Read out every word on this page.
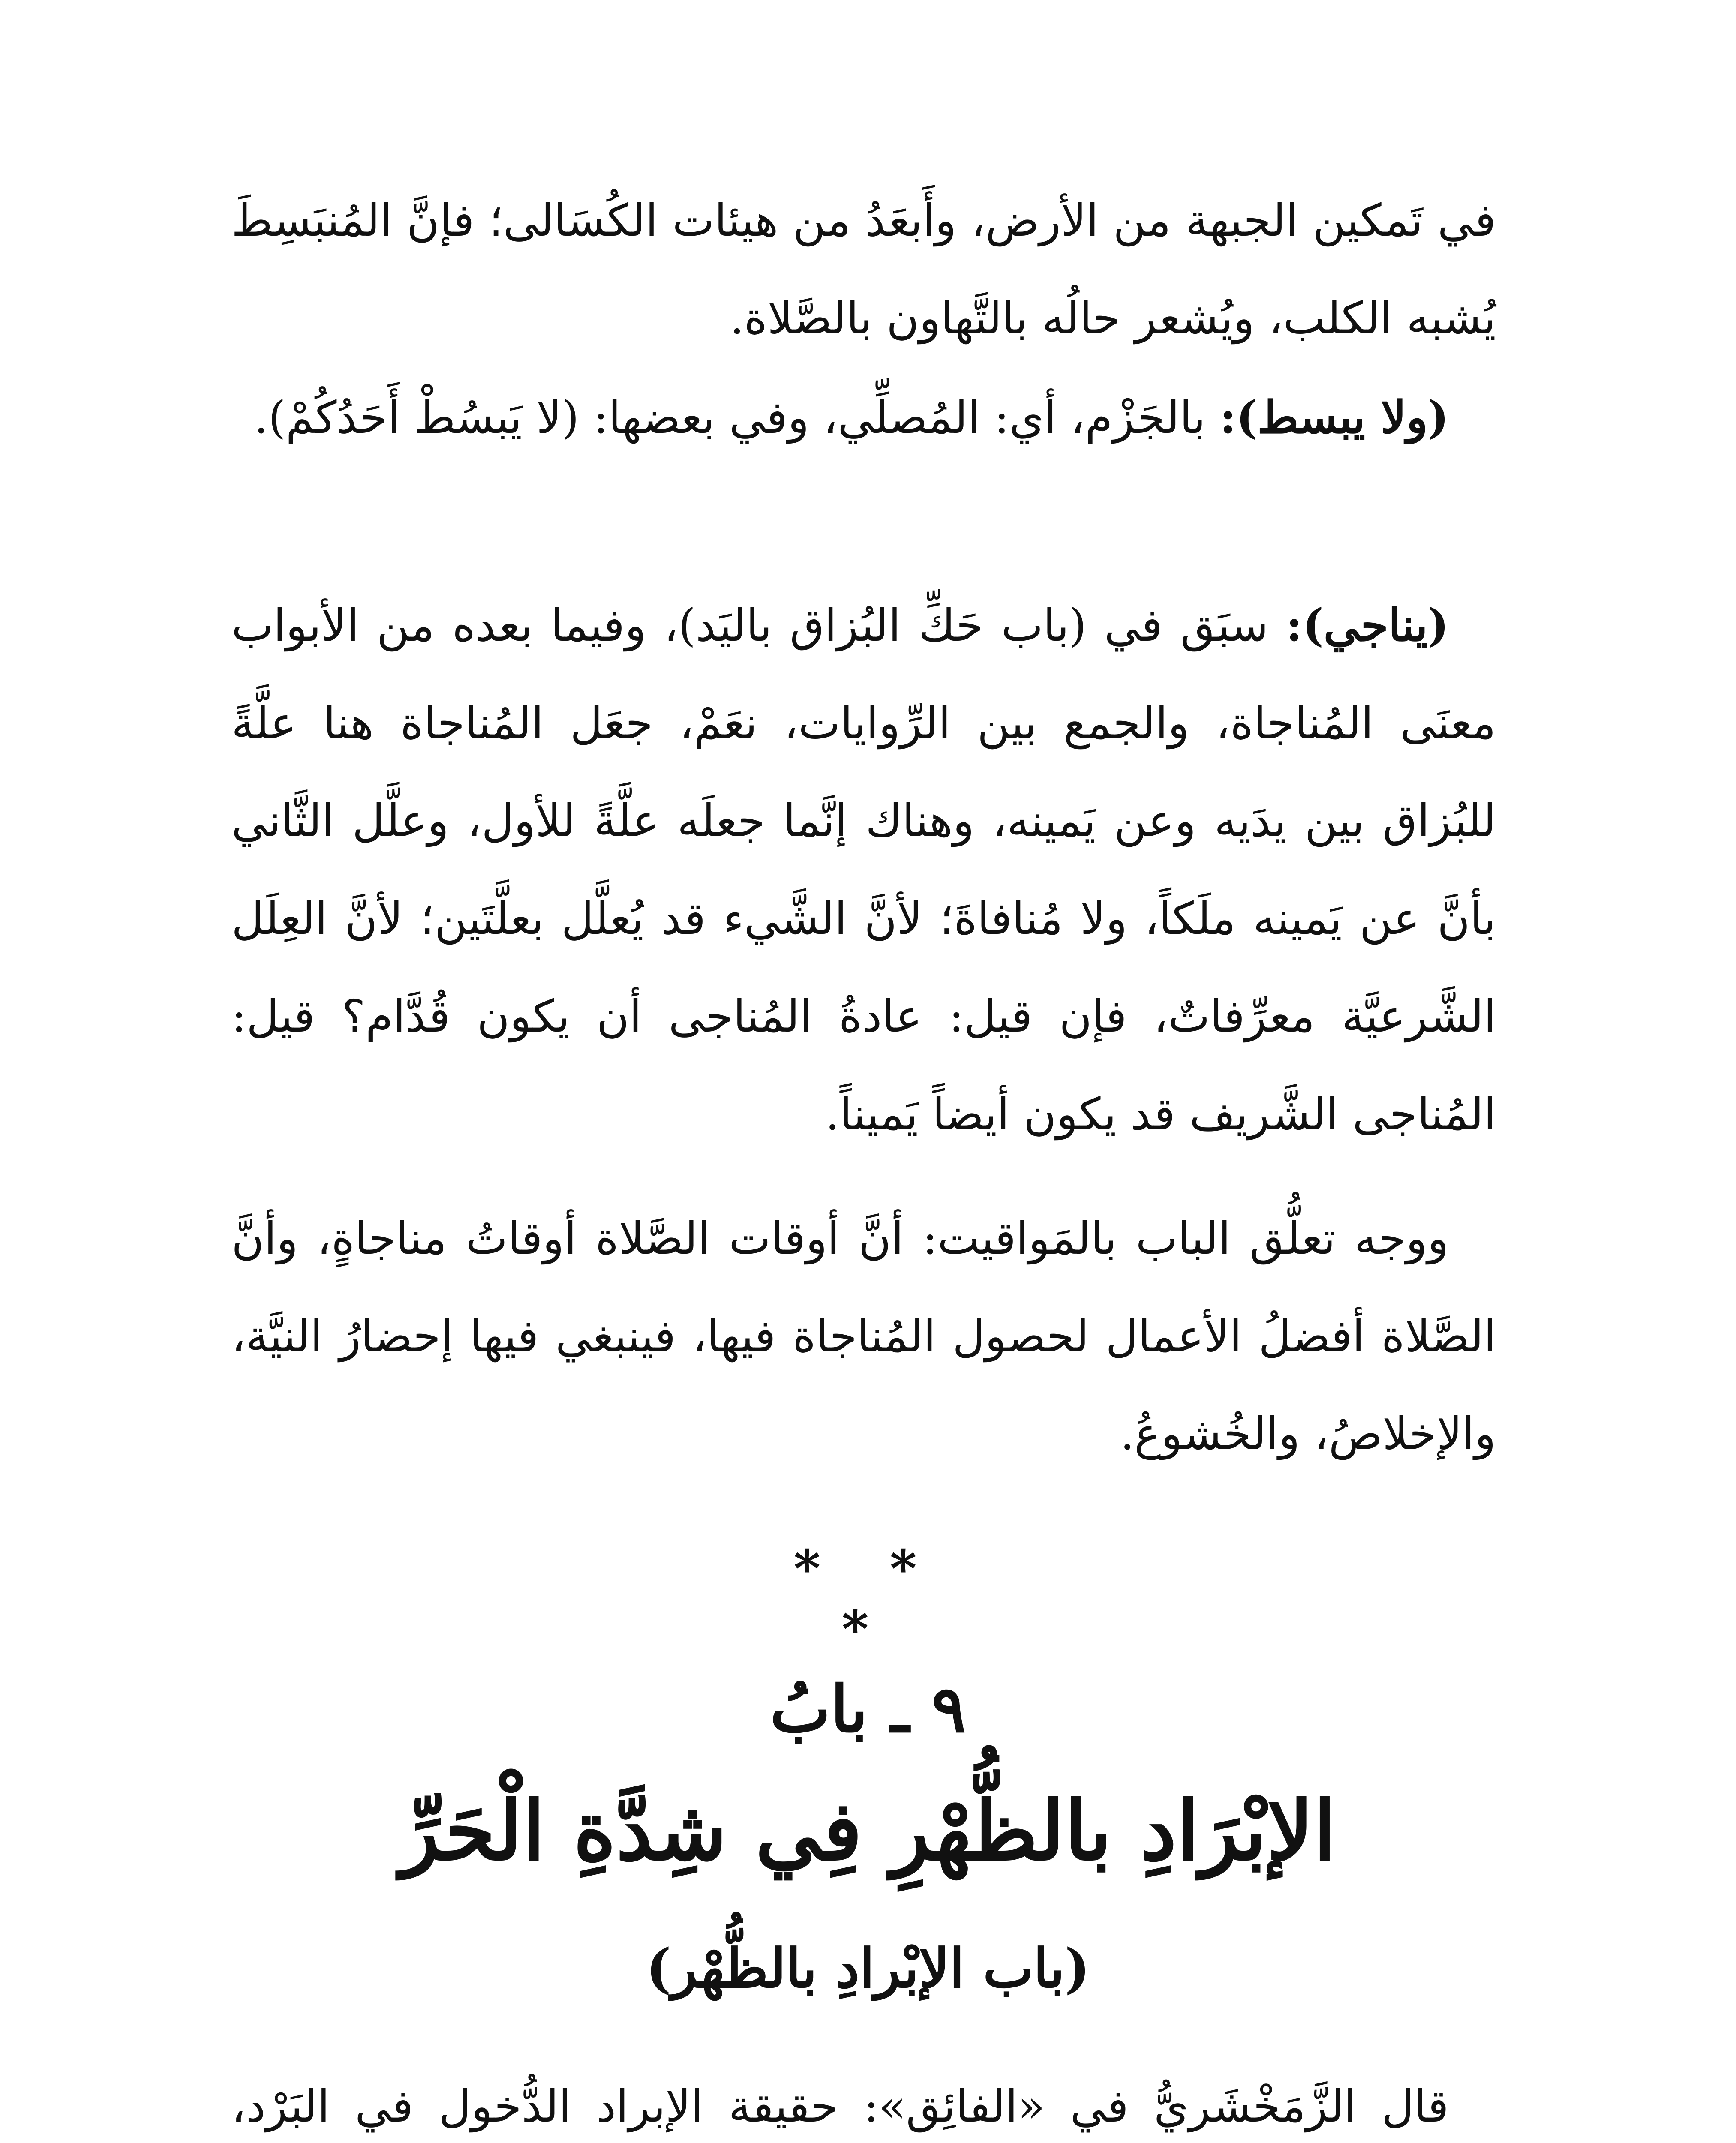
في تَمكين الجبهة من الأرض، وأَبعَدُ من هيئات الكُسَالى؛ فإنَّ المُنبَسِطَ يُشبه الكلب، ويُشعر حالُه بالتَّهاون بالصَّلاة.

(ولا يبسط): بالجَزْم، أي: المُصلِّي، وفي بعضها: (لا يَبسُطْ أَحَدُكُمْ).

(يناجي): سبَق في (باب حَكِّ البُزاق باليَد)، وفيما بعده من الأبواب معنَى المُناجاة، والجمع بين الرِّوايات، نعَمْ، جعَل المُناجاة هنا علَّةً للبُزاق بين يدَيه وعن يَمينه، وهناك إنَّما جعلَه علَّةً للأول، وعلَّل الثَّاني بأنَّ عن يَمينه ملَكاً، ولا مُنافاةَ؛ لأنَّ الشَّيء قد يُعلَّل بعلَّتَين؛ لأنَّ العِلَل الشَّرعيَّة معرِّفاتٌ، فإن قيل: عادةُ المُناجى أن يكون قُدَّام؟ قيل: المُناجى الشَّريف قد يكون أيضاً يَميناً.

ووجه تعلُّق الباب بالمَواقيت: أنَّ أوقات الصَّلاة أوقاتُ مناجاةٍ، وأنَّ الصَّلاة أفضلُ الأعمال لحصول المُناجاة فيها، فينبغي فيها إحضارُ النيَّة، والإخلاصُ، والخُشوعُ.

* * *
٩ ـ بابُ
الإبْرَادِ بالظُّهْرِ فِي شِدَّةِ الْحَرِّ
(باب الإبْرادِ بالظُّهْر)

قال الزَّمَخْشَريُّ في «الفائِق»: حقيقة الإبراد الدُّخول في البَرْد،
